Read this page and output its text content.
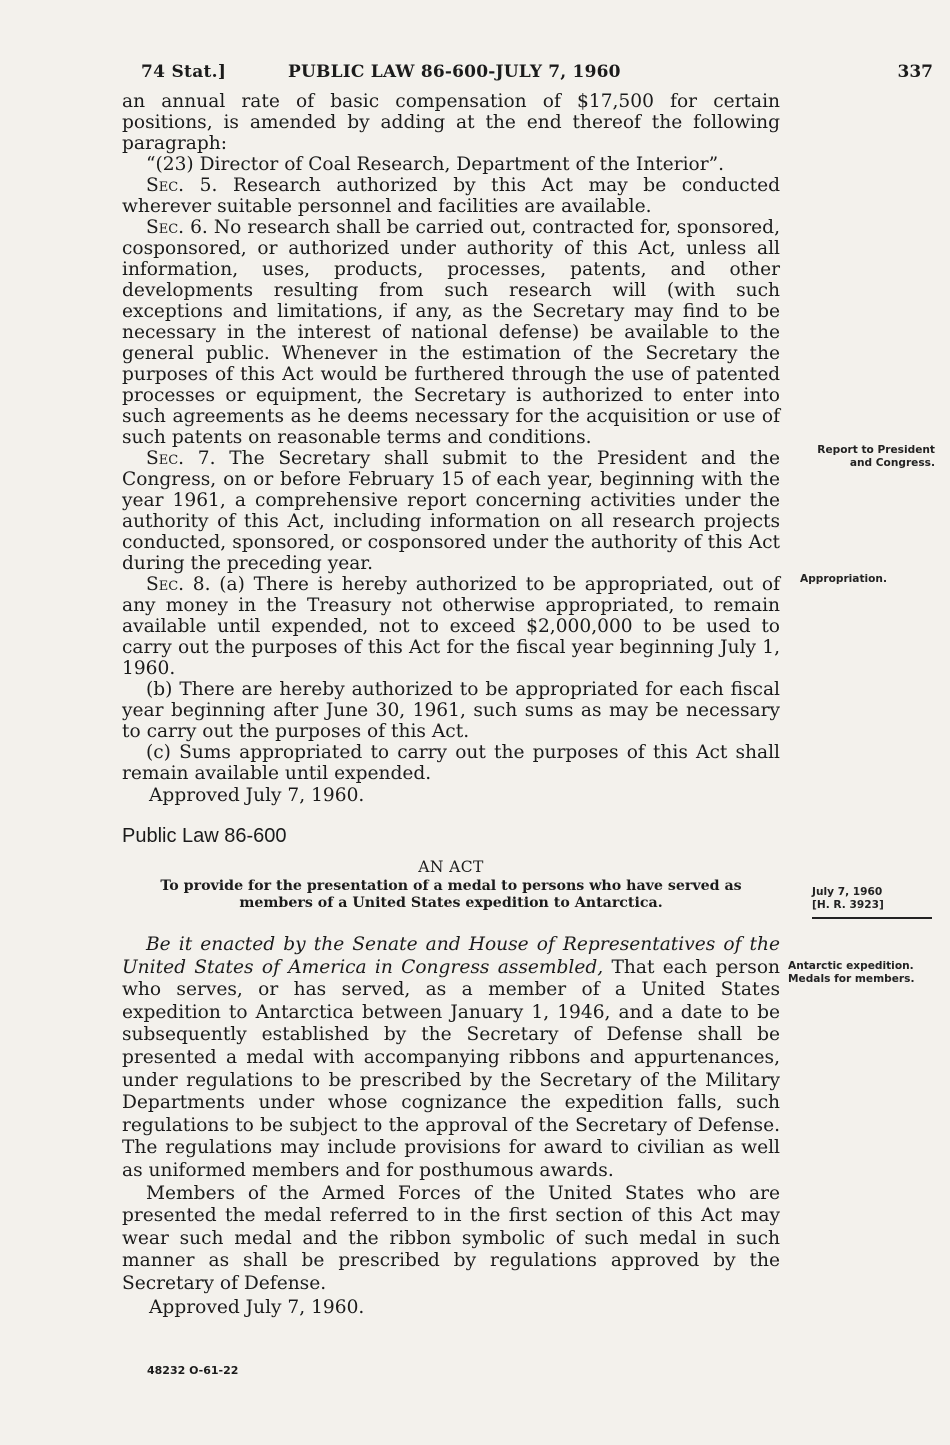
74 Stat.]	PUBLIC LAW 86-600-JULY 7, 1960	337

an annual rate of basic compensation of $17,500 for certain positions, is amended by adding at the end thereof the following paragraph:

“(23) Director of Coal Research, Department of the Interior”.

Sec. 5. Research authorized by this Act may be conducted wherever suitable personnel and facilities are available.

Sec. 6. No research shall be carried out, contracted for, sponsored, cosponsored, or authorized under authority of this Act, unless all information, uses, products, processes, patents, and other developments resulting from such research will (with such exceptions and limitations, if any, as the Secretary may find to be necessary in the interest of national defense) be available to the general public. Whenever in the estimation of the Secretary the purposes of this Act would be furthered through the use of patented processes or equipment, the Secretary is authorized to enter into such agreements as he deems necessary for the acquisition or use of such patents on reasonable terms and conditions.

Sec. 7. The Secretary shall submit to the President and the Congress, on or before February 15 of each year, beginning with the year 1961, a comprehensive report concerning activities under the authority of this Act, including information on all research projects conducted, sponsored, or cosponsored under the authority of this Act during the preceding year.

Sec. 8. (a) There is hereby authorized to be appropriated, out of any money in the Treasury not otherwise appropriated, to remain available until expended, not to exceed $2,000,000 to be used to carry out the purposes of this Act for the fiscal year beginning July 1, 1960.

(b) There are hereby authorized to be appropriated for each fiscal year beginning after June 30, 1961, such sums as may be necessary to carry out the purposes of this Act.

(c) Sums appropriated to carry out the purposes of this Act shall remain available until expended.

Approved July 7, 1960.

Public Law 86-600
AN ACT
To provide for the presentation of a medal to persons who have served as members of a United States expedition to Antarctica.

Be it enacted by the Senate and House of Representatives of the United States of America in Congress assembled, That each person who serves, or has served, as a member of a United States expedition to Antarctica between January 1, 1946, and a date to be subsequently established by the Secretary of Defense shall be presented a medal with accompanying ribbons and appurtenances, under regulations to be prescribed by the Secretary of the Military Departments under whose cognizance the expedition falls, such regulations to be subject to the approval of the Secretary of Defense. The regulations may include provisions for award to civilian as well as uniformed members and for posthumous awards.

Members of the Armed Forces of the United States who are presented the medal referred to in the first section of this Act may wear such medal and the ribbon symbolic of such medal in such manner as shall be prescribed by regulations approved by the Secretary of Defense.

Approved July 7, 1960.

Report to President and Congress.
Appropriation.
July 7, 1960
[H. R. 3923]
Antarctic expedition.
Medals for members.
48232 O-61-22
